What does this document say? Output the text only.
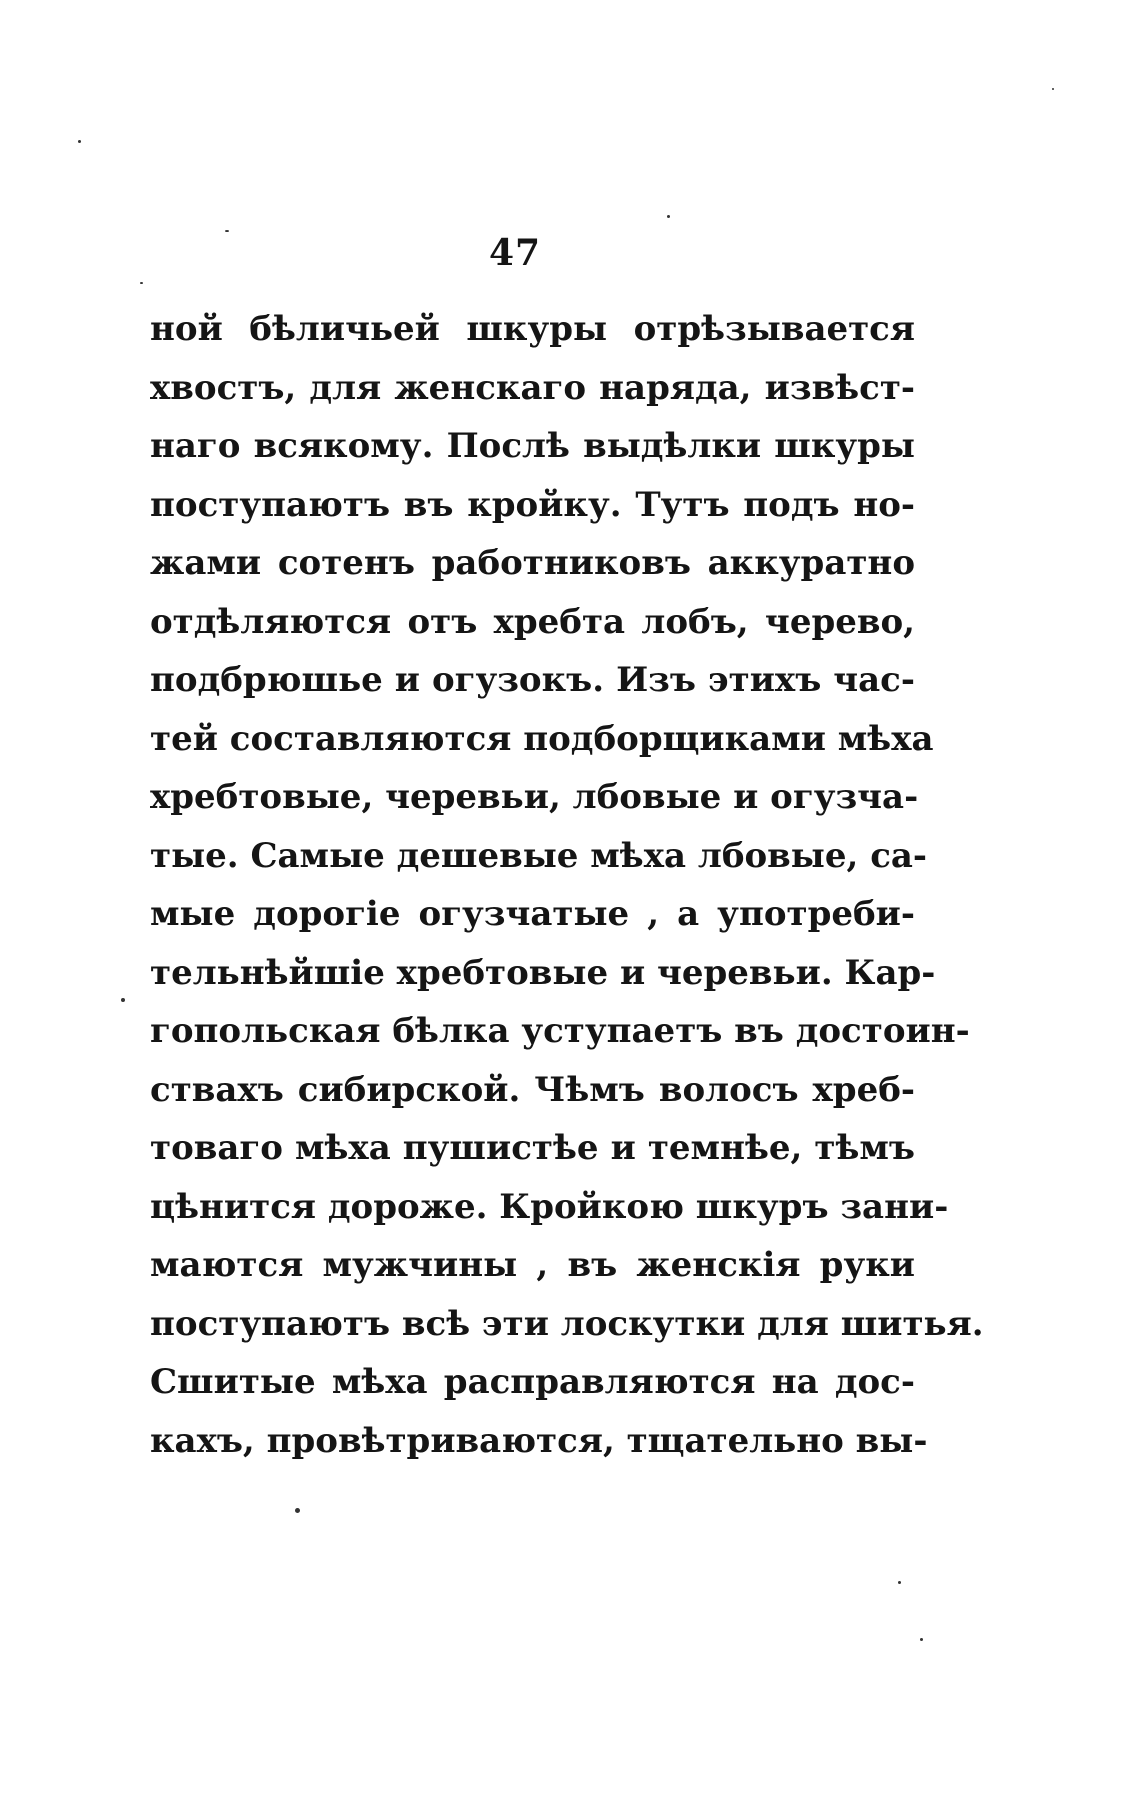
47
ной бѣличьей шкуры отрѣзывается
хвостъ, для женскаго наряда, извѣст-
наго всякому. Послѣ выдѣлки шкуры
поступаютъ въ кройку. Тутъ подъ но-
жами сотенъ работниковъ аккуратно
отдѣляются отъ хребта лобъ, черево,
подбрюшье и огузокъ. Изъ этихъ час-
тей составляются подборщиками мѣха
хребтовые, черевьи, лбовые и огузча-
тые. Самые дешевые мѣха лбовые, са-
мые дорогіе огузчатые , а употреби-
тельнѣйшіе хребтовые и черевьи. Кар-
гопольская бѣлка уступаетъ въ достоин-
ствахъ сибирской. Чѣмъ волосъ хреб-
товаго мѣха пушистѣе и темнѣе, тѣмъ
цѣнится дороже. Кройкою шкуръ зани-
маются мужчины , въ женскія руки
поступаютъ всѣ эти лоскутки для шитья.
Сшитые мѣха расправляются на дос-
кахъ, провѣтриваются, тщательно вы-
